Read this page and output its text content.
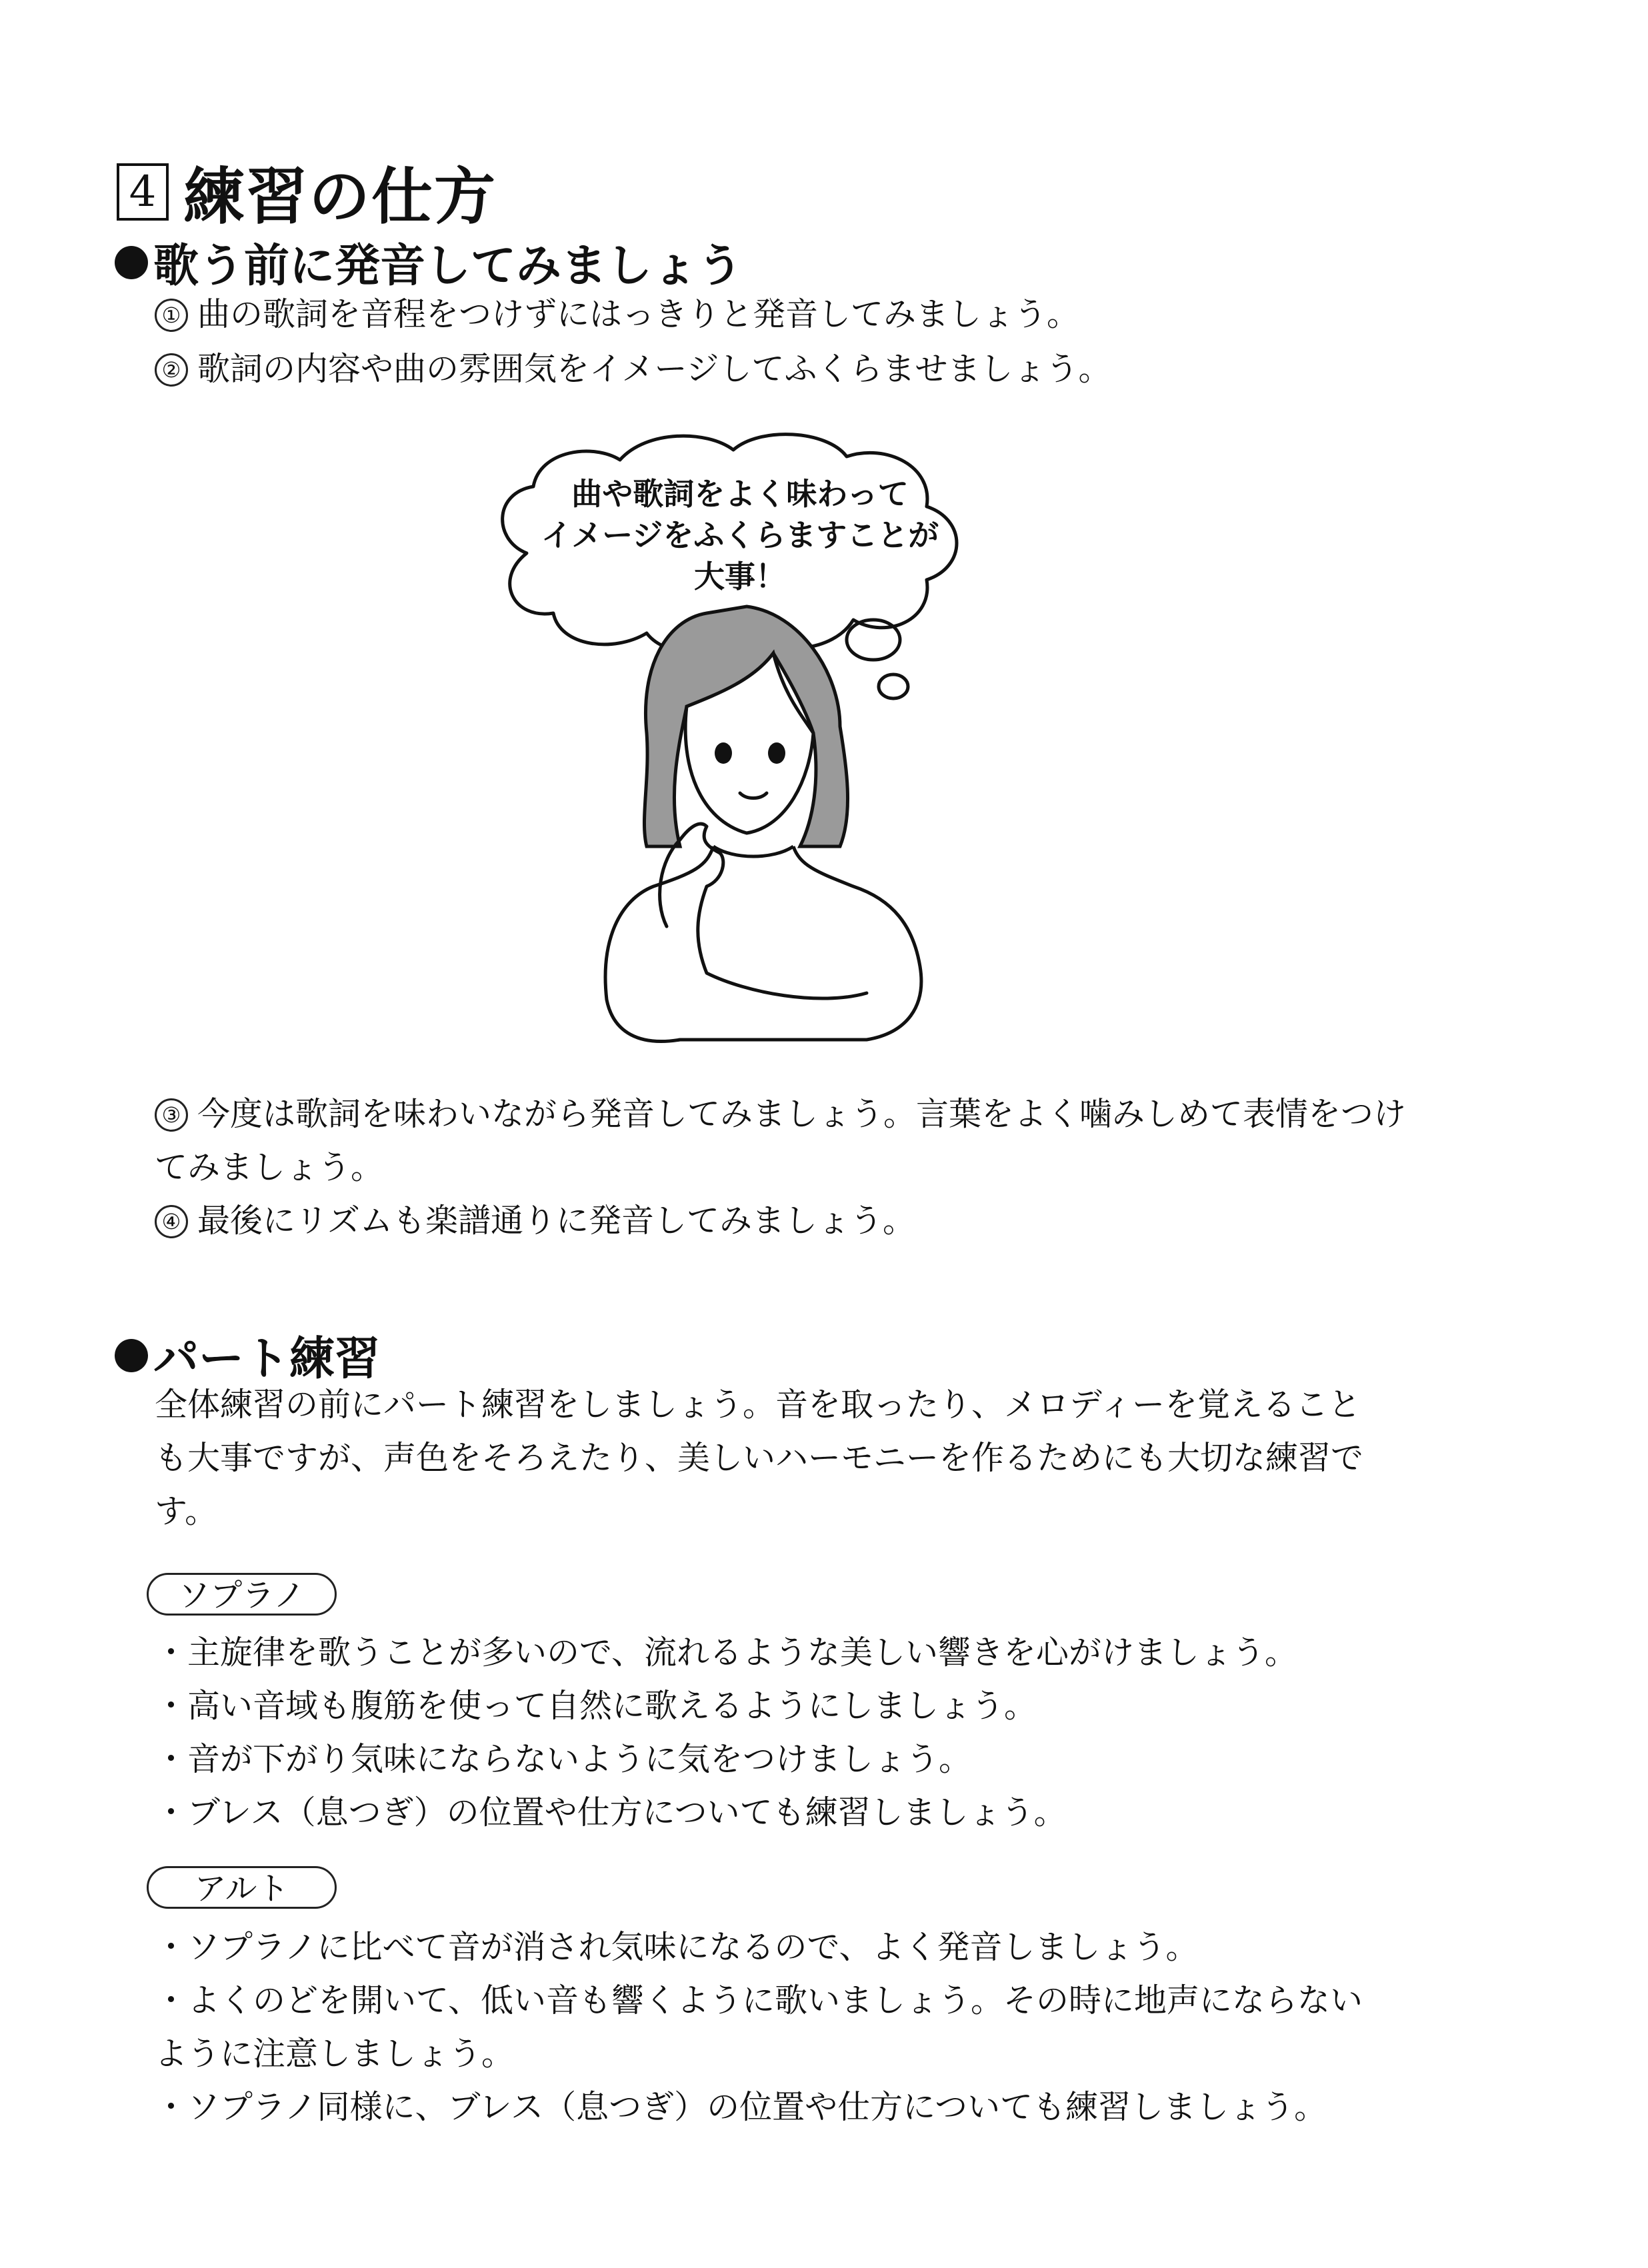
4 練習の仕方
歌う前に発音してみましょう
① 曲の歌詞を音程をつけずにはっきりと発音してみましょう。
② 歌詞の内容や曲の雰囲気をイメージしてふくらませましょう。
曲や歌詞をよく味わって
イメージをふくらますことが
大事！
③ 今度は歌詞を味わいながら発音してみましょう。言葉をよく噛みしめて表情をつけ
てみましょう。
④ 最後にリズムも楽譜通りに発音してみましょう。
パート練習
全体練習の前にパート練習をしましょう。音を取ったり、メロディーを覚えること
も大事ですが、声色をそろえたり、美しいハーモニーを作るためにも大切な練習で
す。
ソプラノ
・主旋律を歌うことが多いので、流れるような美しい響きを心がけましょう。
・高い音域も腹筋を使って自然に歌えるようにしましょう。
・音が下がり気味にならないように気をつけましょう。
・ブレス（息つぎ）の位置や仕方についても練習しましょう。
アルト
・ソプラノに比べて音が消され気味になるので、よく発音しましょう。
・よくのどを開いて、低い音も響くように歌いましょう。その時に地声にならない
ように注意しましょう。
・ソプラノ同様に、ブレス（息つぎ）の位置や仕方についても練習しましょう。
